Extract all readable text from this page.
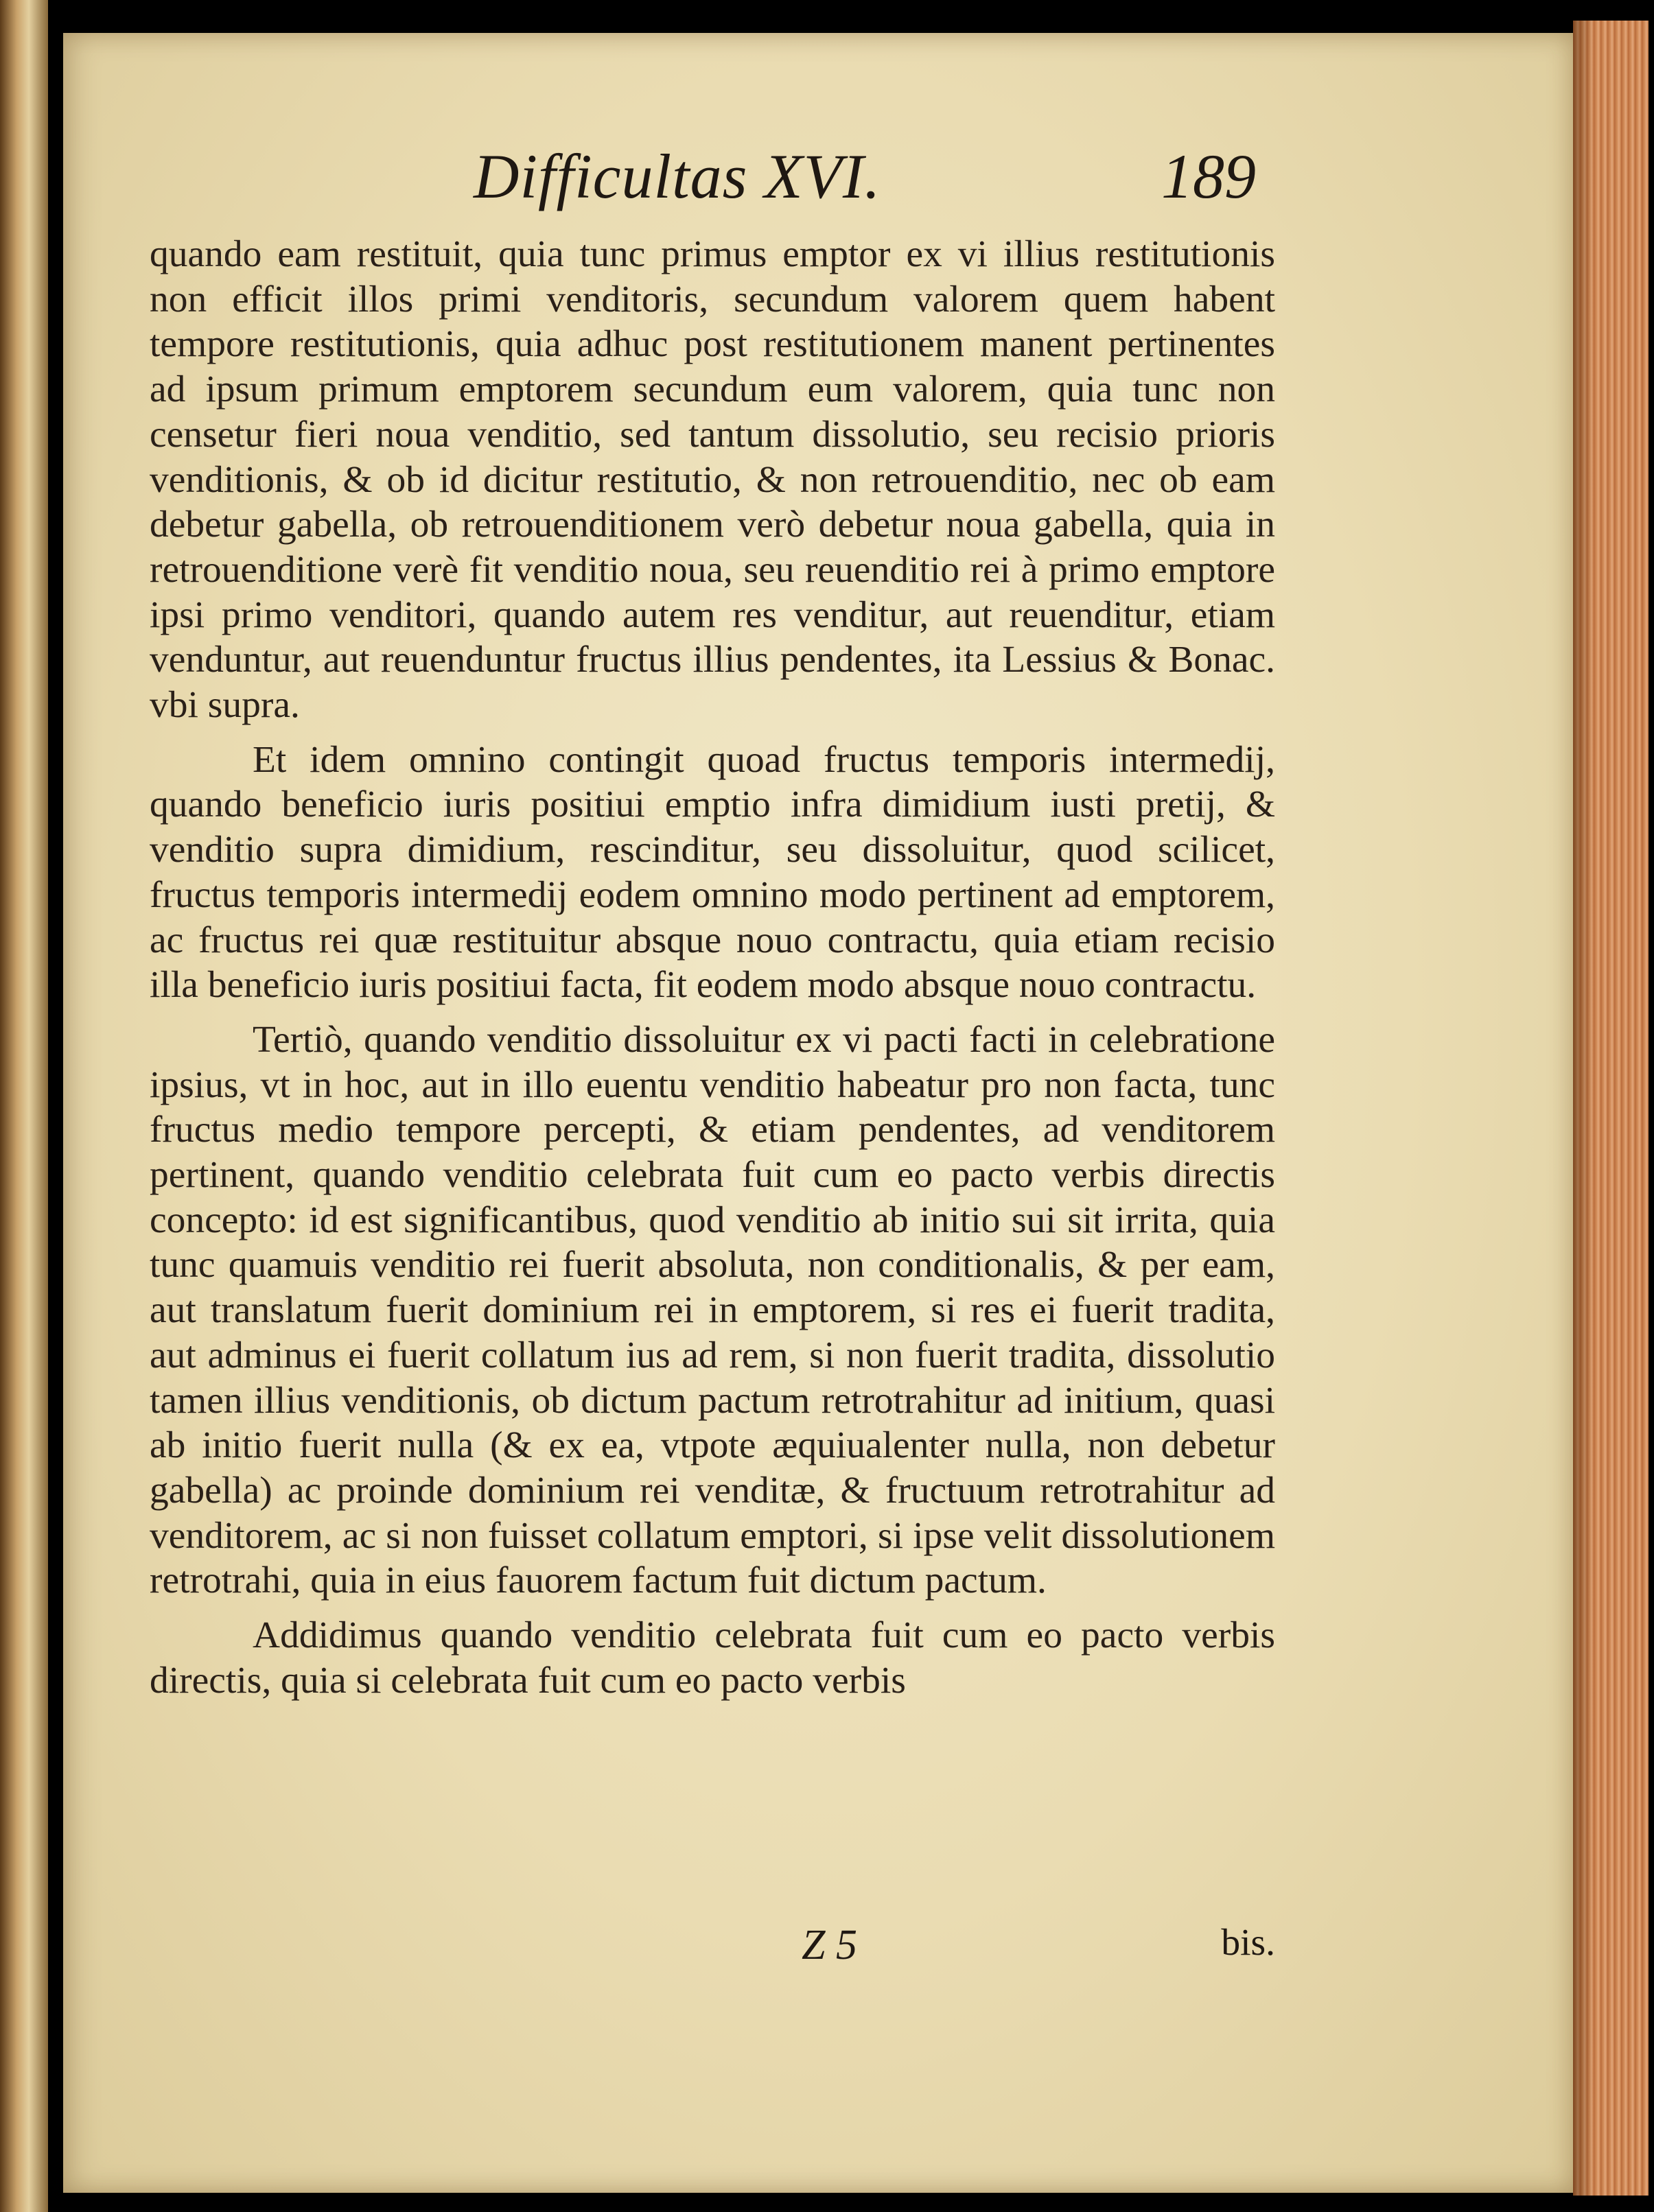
Difficultas XVI.	189

quando eam restituit, quia tunc primus emptor ex vi illius restitutionis non efficit illos primi venditoris, secundum valorem quem habent tempore restitutionis, quia adhuc post restitutionem manent pertinentes ad ipsum primum emptorem secundum eum valorem, quia tunc non censetur fieri noua venditio, sed tantum dissolutio, seu recisio prioris venditionis, & ob id dicitur restitutio, & non retrouenditio, nec ob eam debetur gabella, ob retrouenditionem verò debetur noua gabella, quia in retrouenditione verè fit venditio noua, seu reuenditio rei à primo emptore ipsi primo venditori, quando autem res venditur, aut reuenditur, etiam venduntur, aut reuenduntur fructus illius pendentes, ita Lessius & Bonac. vbi supra.

Et idem omnino contingit quoad fructus temporis intermedij, quando beneficio iuris positiui emptio infra dimidium iusti pretij, & venditio supra dimidium, rescinditur, seu dissoluitur, quod scilicet, fructus temporis intermedij eodem omnino modo pertinent ad emptorem, ac fructus rei quæ restituitur absque nouo contractu, quia etiam recisio illa beneficio iuris positiui facta, fit eodem modo absque nouo contractu.

Tertiò, quando venditio dissoluitur ex vi pacti facti in celebratione ipsius, vt in hoc, aut in illo euentu venditio habeatur pro non facta, tunc fructus medio tempore percepti, & etiam pendentes, ad venditorem pertinent, quando venditio celebrata fuit cum eo pacto verbis directis concepto: id est significantibus, quod venditio ab initio sui sit irrita, quia tunc quamuis venditio rei fuerit absoluta, non conditionalis, & per eam, aut translatum fuerit dominium rei in emptorem, si res ei fuerit tradita, aut adminus ei fuerit collatum ius ad rem, si non fuerit tradita, dissolutio tamen illius venditionis, ob dictum pactum retrotrahitur ad initium, quasi ab initio fuerit nulla (& ex ea, vtpote æquiualenter nulla, non debetur gabella) ac proinde dominium rei venditæ, & fructuum retrotrahitur ad venditorem, ac si non fuisset collatum emptori, si ipse velit dissolutionem retrotrahi, quia in eius fauorem factum fuit dictum pactum.

Addidimus quando venditio celebrata fuit cum eo pacto verbis directis, quia si celebrata fuit cum eo pacto verbis

Z 5	bis.
